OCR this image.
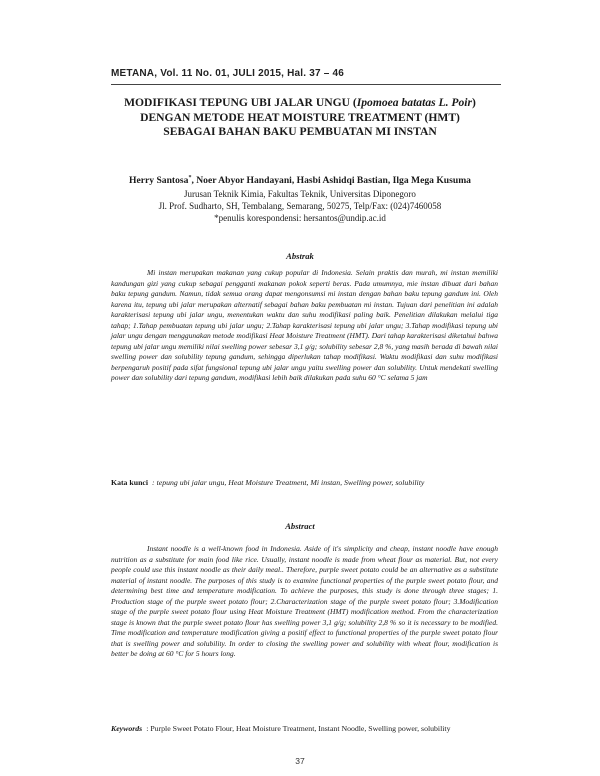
METANA, Vol. 11 No. 01, JULI 2015, Hal. 37 – 46
MODIFIKASI TEPUNG UBI JALAR UNGU (Ipomoea batatas L. Poir)
DENGAN METODE HEAT MOISTURE TREATMENT (HMT)
SEBAGAI BAHAN BAKU PEMBUATAN MI INSTAN
Herry Santosa*, Noer Abyor Handayani, Hasbi Ashidqi Bastian, Ilga Mega Kusuma
Jurusan Teknik Kimia, Fakultas Teknik, Universitas Diponegoro
Jl. Prof. Sudharto, SH, Tembalang, Semarang, 50275, Telp/Fax: (024)7460058
*penulis korespondensi: hersantos@undip.ac.id
Abstrak

Mi instan merupakan makanan yang cukup popular di Indonesia. Selain praktis dan murah, mi instan memiliki kandungan gizi yang cukup sebagai pengganti makanan pokok seperti beras. Pada umumnya, mie instan dibuat dari bahan baku tepung gandum. Namun, tidak semua orang dapat mengonsumsi mi instan dengan bahan baku tepung gandum ini. Oleh karena itu, tepung ubi jalar merupakan alternatif sebagai bahan baku pembuatan mi instan. Tujuan dari penelitian ini adalah karakterisasi tepung ubi jalar ungu, menentukan waktu dan suhu modifikasi paling baik. Penelitian dilakukan melalui tiga tahap; 1.Tahap pembuatan tepung ubi jalar ungu; 2.Tahap karakterisasi tepung ubi jalar ungu; 3.Tahap modifikasi tepung ubi jalar ungu dengan menggunakan metode modifikasi Heat Moisture Treatment (HMT). Dari tahap karakterisasi diketahui bahwa tepung ubi jalar ungu memiliki nilai swelling power sebesar 3,1 g/g; solubility sebesar 2,8 %, yang masih berada di bawah nilai swelling power dan solubility tepung gandum, sehingga diperlukan tahap modifikasi. Waktu modifikasi dan suhu modifikasi berpengaruh positif pada sifat fungsional tepung ubi jalar ungu yaitu swelling power dan solubility. Untuk mendekati swelling power dan solubility dari tepung gandum, modifikasi lebih baik dilakukan pada suhu 60 °C selama 5 jam

Kata kunci : tepung ubi jalar ungu, Heat Moisture Treatment, Mi instan, Swelling power, solubility
Abstract

Instant noodle is a well-known food in Indonesia. Aside of it's simplicity and cheap, instant noodle have enough nutrition as a substitute for main food like rice. Usually, instant noodle is made from wheat flour as material. But, not every people could use this instant noodle as their daily meal.. Therefore, purple sweet potato could be an alternative as a substitute material of instant noodle. The purposes of this study is to examine functional properties of the purple sweet potato flour, and determining best time and temperature modification. To achieve the purposes, this study is done through three stages; 1. Production stage of the purple sweet potato flour; 2.Characterization stage of the purple sweet potato flour; 3.Modification stage of the purple sweet potato flour using Heat Moisture Treatment (HMT) modification method. From the characterization stage is known that the purple sweet potato flour has swelling power 3,1 g/g; solubility 2,8 % so it is necessary to be modified. Time modification and temperature modification giving a positif effect to functional properties of the purple sweet potato flour that is swelling power and solubility. In order to closing the swelling power and solubility with wheat flour, modification is better be doing at 60 °C for 5 hours long.

Keywords : Purple Sweet Potato Flour, Heat Moisture Treatment, Instant Noodle, Swelling power, solubility
37
